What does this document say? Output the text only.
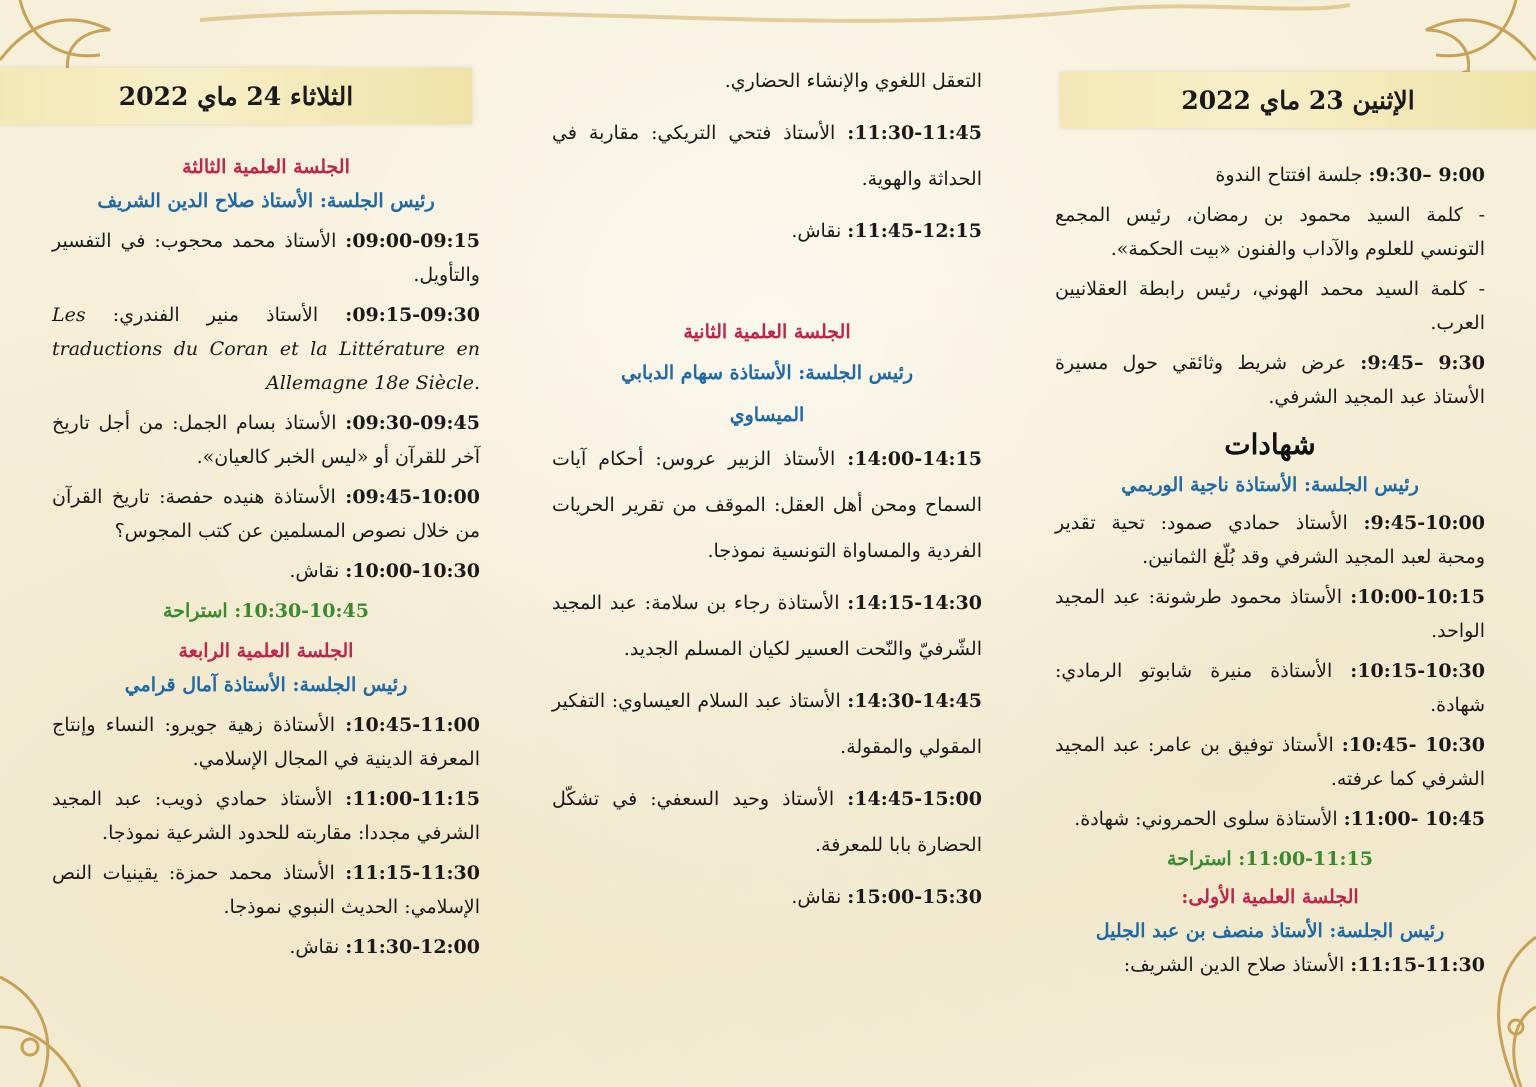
الإثنين 23 ماي 2022

9:00 –9:30: جلسة افتتاح الندوة

- كلمة السيد محمود بن رمضان، رئيس المجمع التونسي للعلوم والآداب والفنون «بيت الحكمة».

- كلمة السيد محمد الهوني، رئيس رابطة العقلانيين العرب.

9:30 –9:45: عرض شريط وثائقي حول مسيرة الأستاذ عبد المجيد الشرفي.

شهادات
رئيس الجلسة: الأستاذة ناجية الوريمي

9:45-10:00: الأستاذ حمادي صمود: تحية تقدير ومحبة لعبد المجيد الشرفي وقد بُلّغ الثمانين.

10:00-10:15: الأستاذ محمود طرشونة: عبد المجيد الواحد.

10:15-10:30: الأستاذة منيرة شابوتو الرمادي: شهادة.

10:30 -10:45: الأستاذ توفيق بن عامر: عبد المجيد الشرفي كما عرفته.

10:45 -11:00: الأستاذة سلوى الحمروني: شهادة.

11:00-11:15: استراحة
الجلسة العلمية الأولى:
رئيس الجلسة: الأستاذ منصف بن عبد الجليل

11:15-11:30: الأستاذ صلاح الدين الشريف:

التعقل اللغوي والإنشاء الحضاري.

11:30-11:45: الأستاذ فتحي التريكي: مقاربة في الحداثة والهوية.

11:45-12:15: نقاش.

الجلسة العلمية الثانية
رئيس الجلسة: الأستاذة سهام الدبابي الميساوي

14:00-14:15: الأستاذ الزبير عروس: أحكام آيات السماح ومحن أهل العقل: الموقف من تقرير الحريات الفردية والمساواة التونسية نموذجا.

14:15-14:30: الأستاذة رجاء بن سلامة: عبد المجيد الشّرفيّ والنّحت العسير لكيان المسلم الجديد.

14:30-14:45: الأستاذ عبد السلام العيساوي: التفكير المقولي والمقولة.

14:45-15:00: الأستاذ وحيد السعفي: في تشكّل الحضارة بابا للمعرفة.

15:00-15:30: نقاش.

الثلاثاء 24 ماي 2022
الجلسة العلمية الثالثة
رئيس الجلسة: الأستاذ صلاح الدين الشريف

09:00-09:15: الأستاذ محمد محجوب: في التفسير والتأويل.

09:15-09:30: الأستاذ منير الفندري: Les traductions du Coran et la Littérature en Allemagne 18e Siècle.

09:30-09:45: الأستاذ بسام الجمل: من أجل تاريخ آخر للقرآن أو «ليس الخبر كالعيان».

09:45-10:00: الأستاذة هنيده حفصة: تاريخ القرآن من خلال نصوص المسلمين عن كتب المجوس؟

10:00-10:30: نقاش.

10:30-10:45: استراحة
الجلسة العلمية الرابعة
رئيس الجلسة: الأستاذة آمال قرامي

10:45-11:00: الأستاذة زهية جويرو: النساء وإنتاج المعرفة الدينية في المجال الإسلامي.

11:00-11:15: الأستاذ حمادي ذويب: عبد المجيد الشرفي مجددا: مقاربته للحدود الشرعية نموذجا.

11:15-11:30: الأستاذ محمد حمزة: يقينيات النص الإسلامي: الحديث النبوي نموذجا.

11:30-12:00: نقاش.
